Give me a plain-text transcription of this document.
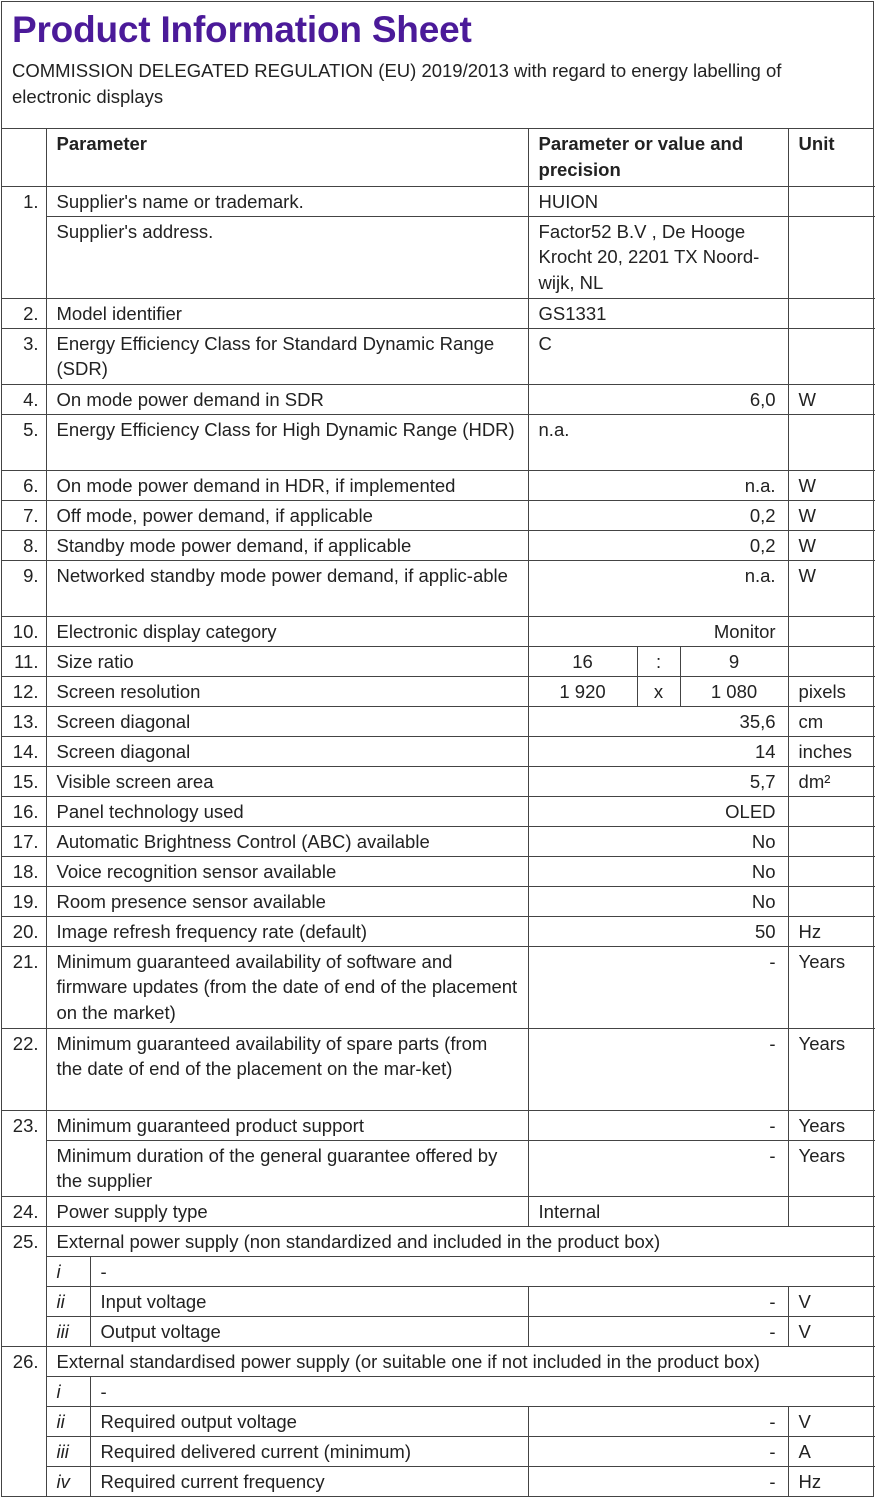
Product Information Sheet
COMMISSION DELEGATED REGULATION (EU) 2019/2013 with regard to energy labelling of electronic displays
	Parameter		Parameter or value and precision			Unit
1.	Supplier's name or trademark.		HUION			
	Supplier's address.		Factor52 B.V , De Hooge Krocht 20, 2201 TX Noord-wijk, NL			
2.	Model identifier		GS1331			
3.	Energy Efficiency Class for Standard Dynamic Range (SDR)		C			
4.	On mode power demand in SDR		6,0			W
5.	Energy Efficiency Class for High Dynamic Range (HDR)		n.a.			
6.	On mode power demand in HDR, if implemented		n.a.			W
7.	Off mode, power demand, if applicable		0,2			W
8.	Standby mode power demand, if applicable		0,2			W
9.	Networked standby mode power demand, if applic-able		n.a.			W
10.	Electronic display category		Monitor			
11.	Size ratio		16	:	9	
12.	Screen resolution		1 920	x	1 080	pixels
13.	Screen diagonal		35,6			cm
14.	Screen diagonal		14			inches
15.	Visible screen area		5,7			dm²
16.	Panel technology used		OLED			
17.	Automatic Brightness Control (ABC) available		No			
18.	Voice recognition sensor available		No			
19.	Room presence sensor available		No			
20.	Image refresh frequency rate (default)		50			Hz
21.	Minimum guaranteed availability of software and firmware updates (from the date of end of the placement on the market)		-			Years
22.	Minimum guaranteed availability of spare parts (from the date of end of the placement on the mar-ket)		-			Years
23.	Minimum guaranteed product support		-			Years
	Minimum duration of the general guarantee offered by the supplier		-			Years
24.	Power supply type		Internal			
25.	External power supply (non standardized and included in the product box)					
	i	-				
	ii	Input voltage	-			V
	iii	Output voltage	-			V
26.	External standardised power supply (or suitable one if not included in the product box)					
	i	-				
	ii	Required output voltage	-			V
	iii	Required delivered current (minimum)	-			A
	iv	Required current frequency	-			Hz
